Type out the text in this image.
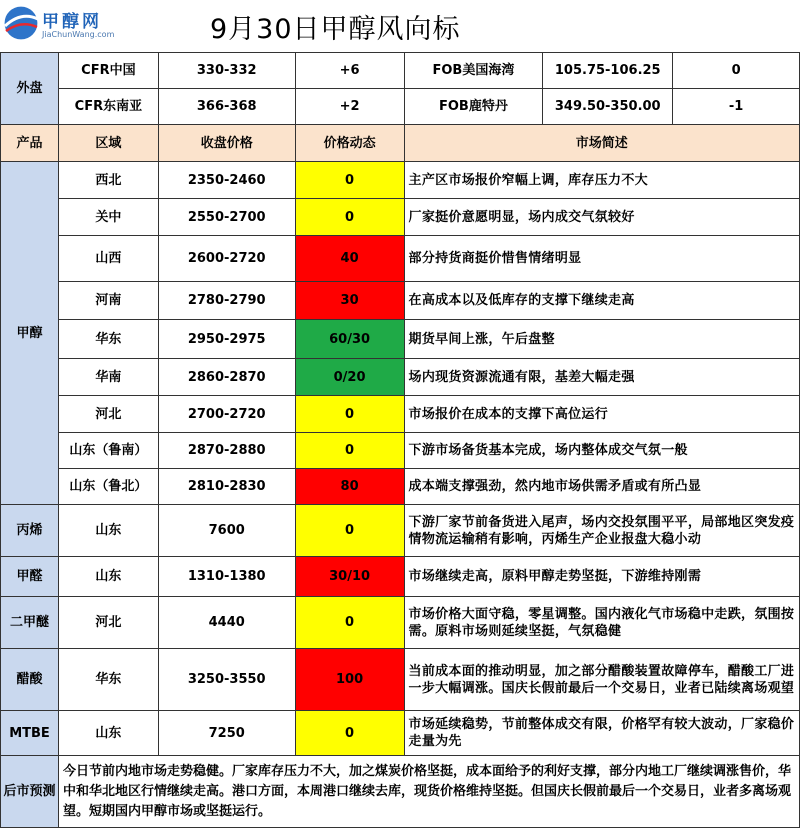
甲醇网
JiaChunWang.com	9月30日甲醇风向标
外盘	CFR中国	330-332	+6	FOB美国海湾	105.75-106.25	0
	CFR东南亚	366-368	+2	FOB鹿特丹	349.50-350.00	-1
产品	区域	收盘价格	价格动态	市场简述		
甲醇	西北	2350-2460	0	主产区市场报价窄幅上调，库存压力不大		
	关中	2550-2700	0	厂家挺价意愿明显，场内成交气氛较好		
	山西	2600-2720	40	部分持货商挺价惜售情绪明显		
	河南	2780-2790	30	在高成本以及低库存的支撑下继续走高		
	华东	2950-2975	60/30	期货早间上涨，午后盘整		
	华南	2860-2870	0/20	场内现货资源流通有限，基差大幅走强		
	河北	2700-2720	0	市场报价在成本的支撑下高位运行		
	山东（鲁南）	2870-2880	0	下游市场备货基本完成，场内整体成交气氛一般		
	山东（鲁北）	2810-2830	80	成本端支撑强劲，然内地市场供需矛盾或有所凸显		
丙烯	山东	7600	0	下游厂家节前备货进入尾声，场内交投氛围平平，局部地区突发疫情物流运输稍有影响，丙烯生产企业报盘大稳小动		
甲醛	山东	1310-1380	30/10	市场继续走高，原料甲醇走势坚挺，下游维持刚需		
二甲醚	河北	4440	0	市场价格大面守稳，零星调整。国内液化气市场稳中走跌，氛围按需。原料市场则延续坚挺，气氛稳健		
醋酸	华东	3250-3550	100	当前成本面的推动明显，加之部分醋酸装置故障停车，醋酸工厂进一步大幅调涨。国庆长假前最后一个交易日，业者已陆续离场观望		
MTBE	山东	7250	0	市场延续稳势，节前整体成交有限，价格罕有较大波动，厂家稳价走量为先		
后市预测	今日节前内地市场走势稳健。厂家库存压力不大，加之煤炭价格坚挺，成本面给予的利好支撑，部分内地工厂继续调涨售价，华中和华北地区行情继续走高。港口方面，本周港口继续去库，现货价格维持坚挺。但国庆长假前最后一个交易日，业者多离场观望。短期国内甲醇市场或坚挺运行。					
